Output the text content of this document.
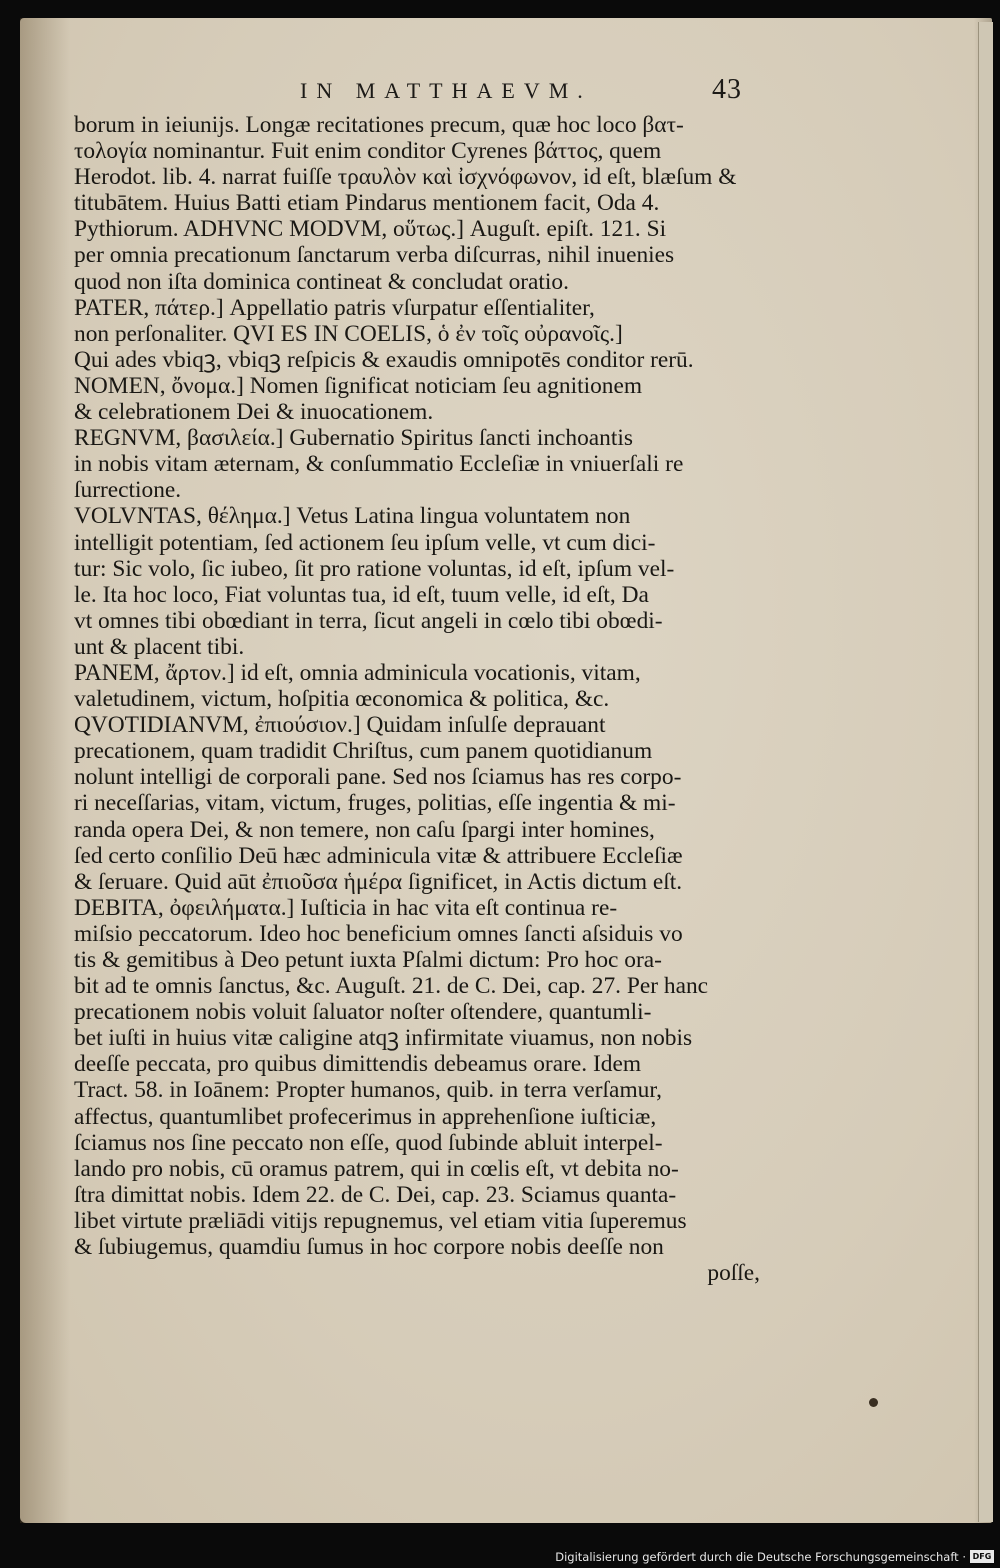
IN MATTHAEVM.	43
borum in ieiunijs. Longæ recitationes precum, quæ hoc loco βατ-
τολογία nominantur. Fuit enim conditor Cyrenes βάττος, quem
Herodot. lib. 4. narrat fuiſſe τραυλὸν καὶ ἰσχνόφωνον, id eſt, blæſum &
titubātem. Huius Batti etiam Pindarus mentionem facit, Oda 4.
Pythiorum. ADHVNC MODVM, οὕτως.] Auguſt. epiſt. 121. Si
per omnia precationum ſanctarum verba diſcurras, nihil inuenies
quod non iſta dominica contineat & concludat oratio.
PATER, πάτερ.] Appellatio patris vſurpatur eſſentialiter,
non perſonaliter. QVI ES IN COELIS, ὁ ἐν τοῖς οὐρανοῖς.]
Qui ades vbiqꝫ, vbiqꝫ reſpicis & exaudis omnipotēs conditor rerū.
NOMEN, ὄνομα.] Nomen ſignificat noticiam ſeu agnitionem
& celebrationem Dei & inuocationem.
REGNVM, βασιλεία.] Gubernatio Spiritus ſancti inchoantis
in nobis vitam æternam, & conſummatio Eccleſiæ in vniuerſali re
ſurrectione.
VOLVNTAS, θέλημα.] Vetus Latina lingua voluntatem non
intelligit potentiam, ſed actionem ſeu ipſum velle, vt cum dici-
tur: Sic volo, ſic iubeo, ſit pro ratione voluntas, id eſt, ipſum vel-
le. Ita hoc loco, Fiat voluntas tua, id eſt, tuum velle, id eſt, Da
vt omnes tibi obœdiant in terra, ſicut angeli in cœlo tibi obœdi-
unt & placent tibi.
PANEM, ἄρτον.] id eſt, omnia adminicula vocationis, vitam,
valetudinem, victum, hoſpitia œconomica & politica, &c.
QVOTIDIANVM, ἐπιούσιον.] Quidam inſulſe deprauant
precationem, quam tradidit Chriſtus, cum panem quotidianum
nolunt intelligi de corporali pane. Sed nos ſciamus has res corpo-
ri neceſſarias, vitam, victum, fruges, politias, eſſe ingentia & mi-
randa opera Dei, & non temere, non caſu ſpargi inter homines,
ſed certo conſilio Deū hæc adminicula vitæ & attribuere Eccleſiæ
& ſeruare. Quid aūt ἐπιοῦσα ἡμέρα ſignificet, in Actis dictum eſt.
DEBITA, ὀφειλήματα.] Iuſticia in hac vita eſt continua re-
miſsio peccatorum. Ideo hoc beneficium omnes ſancti aſsiduis vo
tis & gemitibus à Deo petunt iuxta Pſalmi dictum: Pro hoc ora-
bit ad te omnis ſanctus, &c. Auguſt. 21. de C. Dei, cap. 27. Per hanc
precationem nobis voluit ſaluator noſter oſtendere, quantumli-
bet iuſti in huius vitæ caligine atqꝫ infirmitate viuamus, non nobis
deeſſe peccata, pro quibus dimittendis debeamus orare. Idem
Tract. 58. in Ioānem: Propter humanos, quib. in terra verſamur,
affectus, quantumlibet profecerimus in apprehenſione iuſticiæ,
ſciamus nos ſine peccato non eſſe, quod ſubinde abluit interpel-
lando pro nobis, cū oramus patrem, qui in cœlis eſt, vt debita no-
ſtra dimittat nobis. Idem 22. de C. Dei, cap. 23. Sciamus quanta-
libet virtute præliādi vitijs repugnemus, vel etiam vitia ſuperemus
& ſubiugemus, quamdiu ſumus in hoc corpore nobis deeſſe non
poſſe,
Digitalisierung gefördert durch die Deutsche Forschungsgemeinschaft · DFG
